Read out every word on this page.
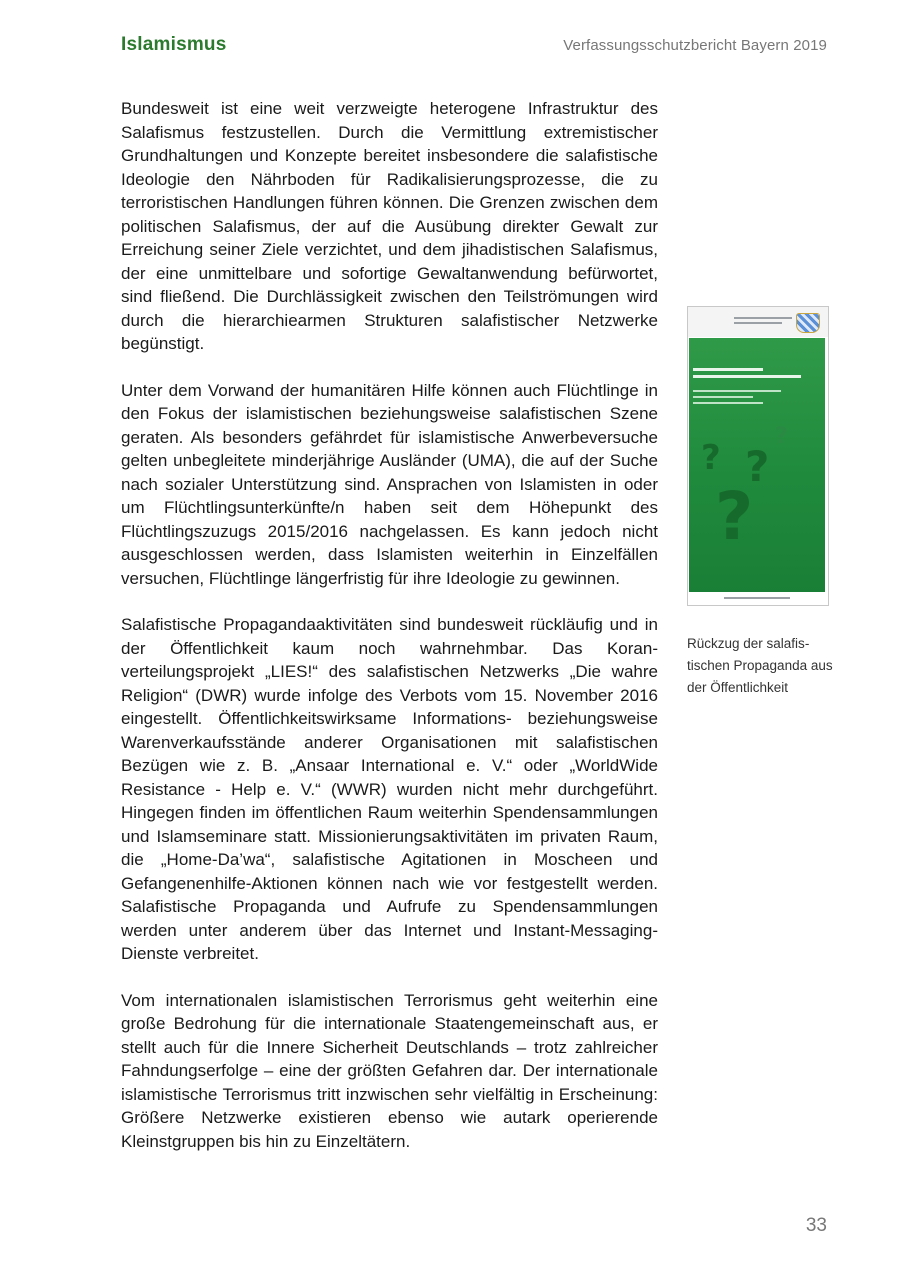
Islamismus	Verfassungsschutzbericht Bayern 2019

Bundesweit ist eine weit verzweigte heterogene Infrastruktur des Salafismus festzustellen. Durch die Vermittlung extremistischer Grundhaltungen und Konzepte bereitet insbesondere die salafistische Ideologie den Nährboden für Radikalisierungsprozesse, die zu terroristischen Handlungen führen können. Die Grenzen zwischen dem politischen Salafismus, der auf die Ausübung direkter Gewalt zur Erreichung seiner Ziele verzichtet, und dem jihadistischen Salafismus, der eine unmittelbare und sofortige Gewaltanwendung befürwortet, sind fließend. Die Durchlässigkeit zwischen den Teilströmungen wird durch die hierarchiearmen Strukturen salafistischer Netzwerke begünstigt.

Unter dem Vorwand der humanitären Hilfe können auch Flüchtlinge in den Fokus der islamistischen beziehungsweise salafistischen Szene geraten. Als besonders gefährdet für islamistische Anwerbeversuche gelten unbegleitete minderjährige Ausländer (UMA), die auf der Suche nach sozialer Unterstützung sind. Ansprachen von Islamisten in oder um Flüchtlingsunterkünfte/n haben seit dem Höhepunkt des Flüchtlingszuzugs 2015/2016 nachgelassen. Es kann jedoch nicht ausgeschlossen werden, dass Islamisten weiterhin in Einzelfällen versuchen, Flüchtlinge längerfristig für ihre Ideologie zu gewinnen.

Salafistische Propagandaaktivitäten sind bundesweit rückläufig und in der Öffentlichkeit kaum noch wahrnehmbar. Das Koranverteilungsprojekt „LIES!“ des salafistischen Netzwerks „Die wahre Religion“ (DWR) wurde infolge des Verbots vom 15. November 2016 eingestellt. Öffentlichkeitswirksame Informations- beziehungsweise Warenverkaufsstände anderer Organisationen mit salafistischen Bezügen wie z. B. „Ansaar International e. V.“ oder „WorldWide Resistance - Help e. V.“ (WWR) wurden nicht mehr durchgeführt. Hingegen finden im öffentlichen Raum weiterhin Spendensammlungen und Islamseminare statt. Missionierungsaktivitäten im privaten Raum, die „Home-Da’wa“, salafistische Agitationen in Moscheen und Gefangenenhilfe-Aktionen können nach wie vor festgestellt werden. Salafistische Propaganda und Aufrufe zu Spendensammlungen werden unter anderem über das Internet und Instant-Messaging-Dienste verbreitet.

Vom internationalen islamistischen Terrorismus geht weiterhin eine große Bedrohung für die internationale Staatengemeinschaft aus, er stellt auch für die Innere Sicherheit Deutschlands – trotz zahlreicher Fahndungserfolge – eine der größten Gefahren dar. Der internationale islamistische Terrorismus tritt inzwischen sehr vielfältig in Erscheinung: Größere Netzwerke existieren ebenso wie autark operierende Kleinstgruppen bis hin zu Einzeltätern.

? ?
?
?
Rückzug der salafistischen Propaganda aus der Öffentlichkeit
33
